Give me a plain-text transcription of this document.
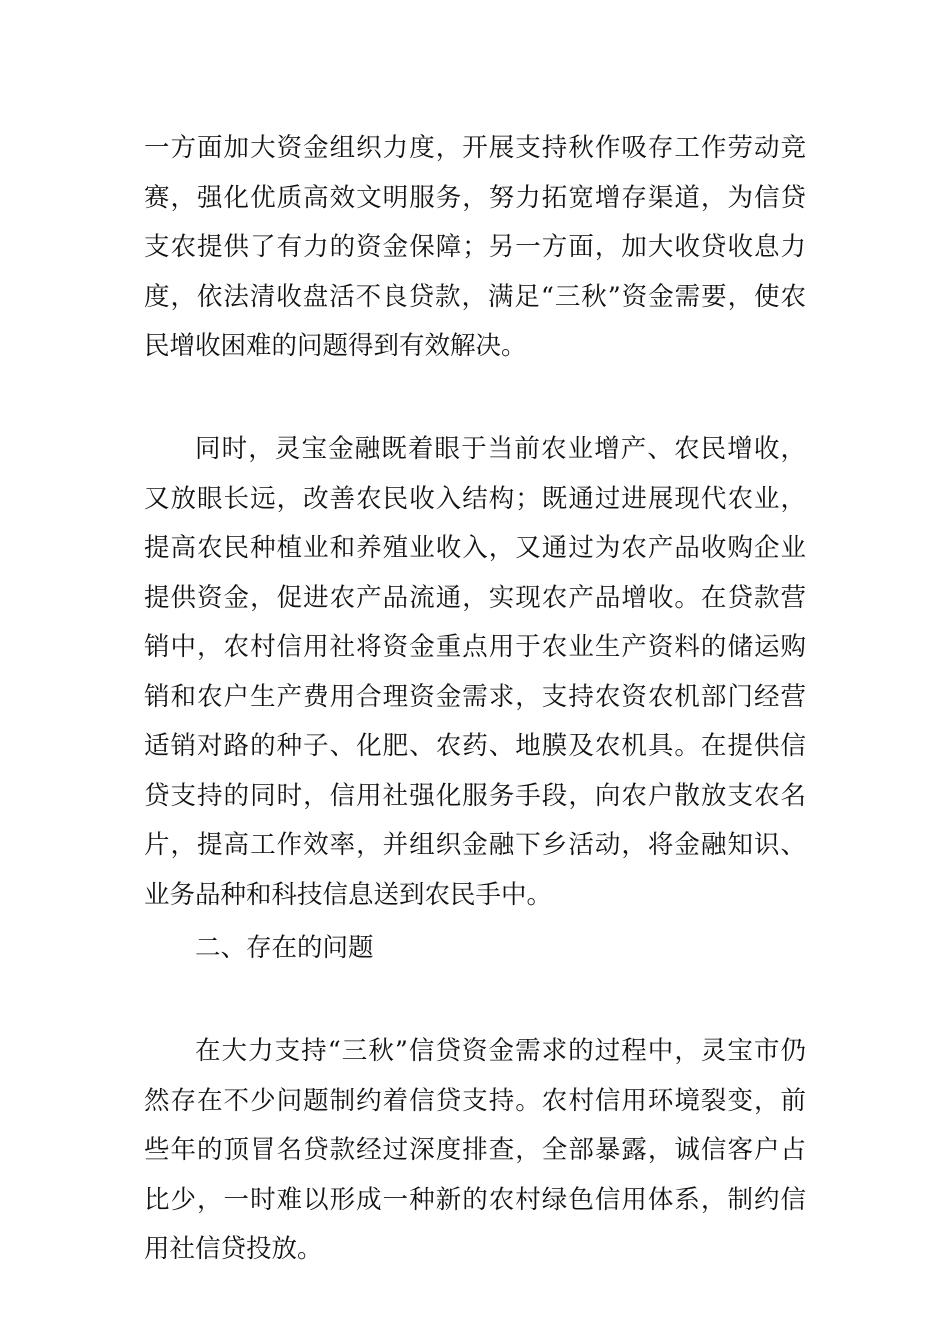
一方面加大资金组织力度，开展支持秋作吸存工作劳动竞赛，强化优质高效文明服务，努力拓宽增存渠道，为信贷支农提供了有力的资金保障；另一方面，加大收贷收息力度，依法清收盘活不良贷款，满足“三秋”资金需要，使农民增收困难的问题得到有效解决。

同时，灵宝金融既着眼于当前农业增产、农民增收，又放眼长远，改善农民收入结构；既通过进展现代农业，提高农民种植业和养殖业收入，又通过为农产品收购企业提供资金，促进农产品流通，实现农产品增收。在贷款营销中，农村信用社将资金重点用于农业生产资料的储运购销和农户生产费用合理资金需求，支持农资农机部门经营适销对路的种子、化肥、农药、地膜及农机具。在提供信贷支持的同时，信用社强化服务手段，向农户散放支农名片，提高工作效率，并组织金融下乡活动，将金融知识、业务品种和科技信息送到农民手中。

二、存在的问题

在大力支持“三秋”信贷资金需求的过程中，灵宝市仍然存在不少问题制约着信贷支持。农村信用环境裂变，前些年的顶冒名贷款经过深度排查，全部暴露，诚信客户占比少，一时难以形成一种新的农村绿色信用体系，制约信用社信贷投放。
